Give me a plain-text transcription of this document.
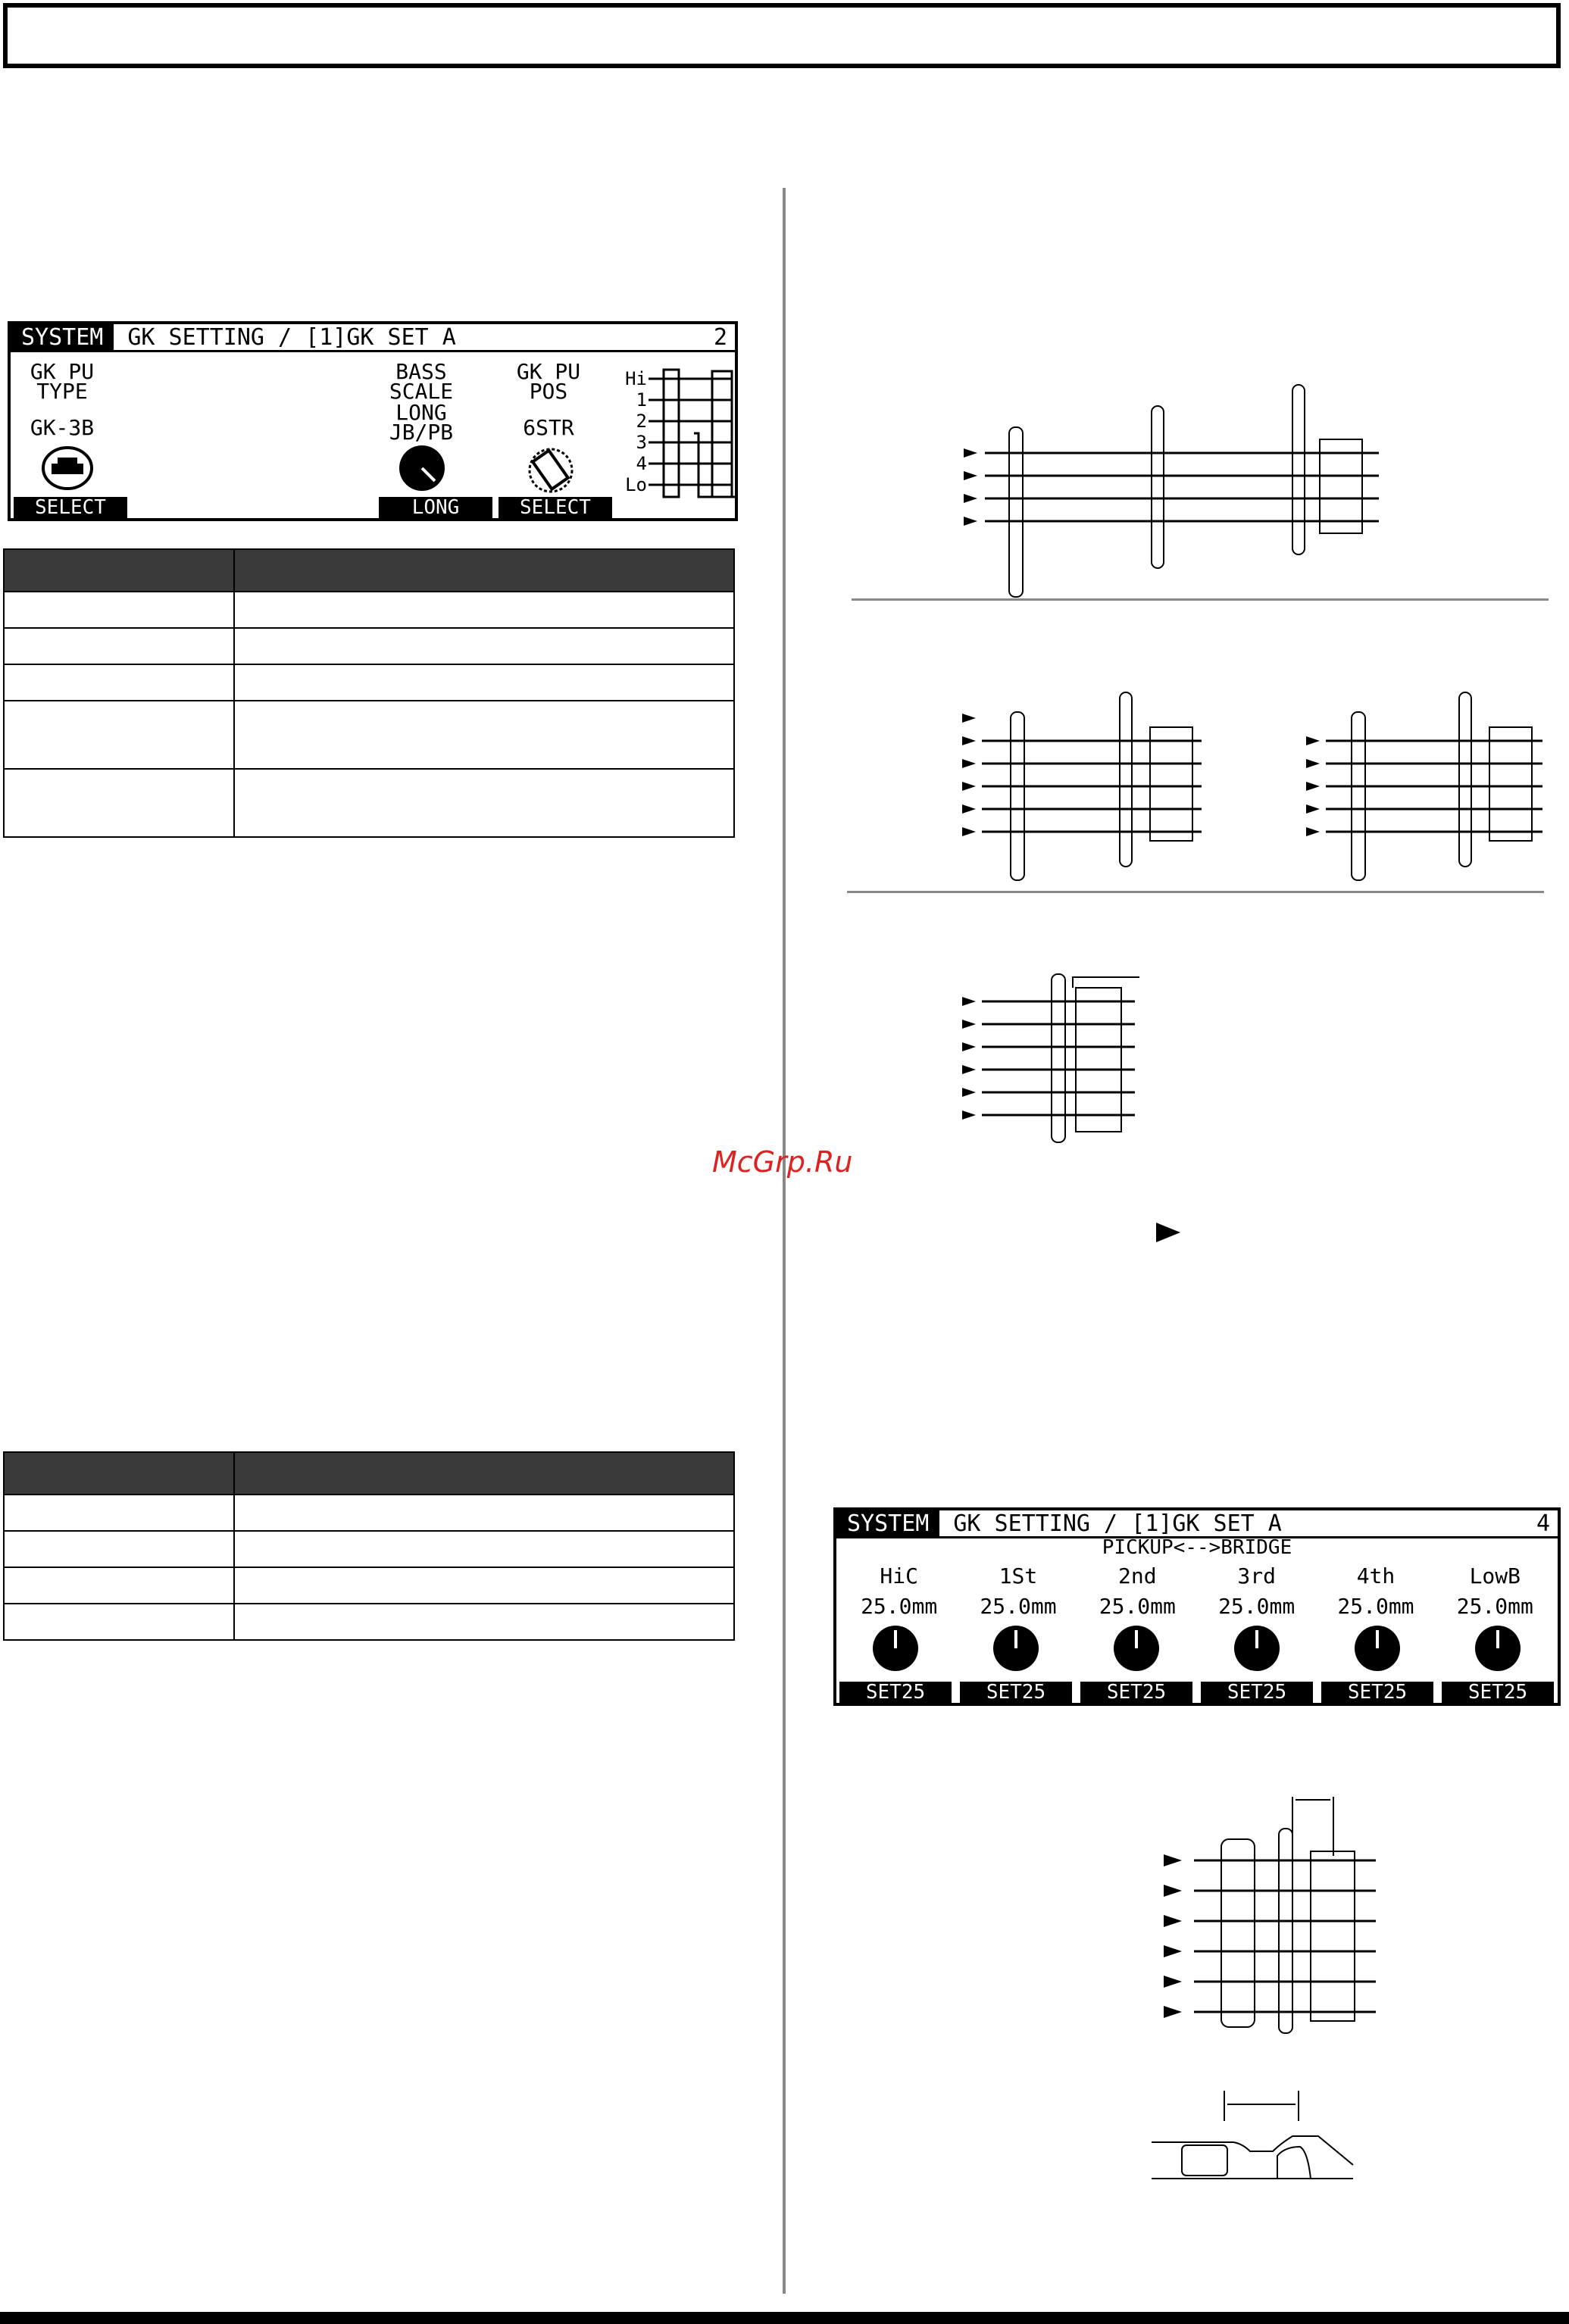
SYSTEM	GK SETTING / [1]GK SET A	2
GK PU
TYPE
GK-3B
BASS
SCALE
LONG
JB/PB
GK PU
POS
6STR
Hi
1
2
3
4
Lo
SELECT	LONG	SELECT

McGrp.Ru
SYSTEM	GK SETTING / [1]GK SET A	4
PICKUP<-->BRIDGE
HiC	1St	2nd	3rd	4th	LowB
25.0mm	25.0mm	25.0mm	25.0mm	25.0mm	25.0mm
SET25	SET25	SET25	SET25	SET25	SET25
